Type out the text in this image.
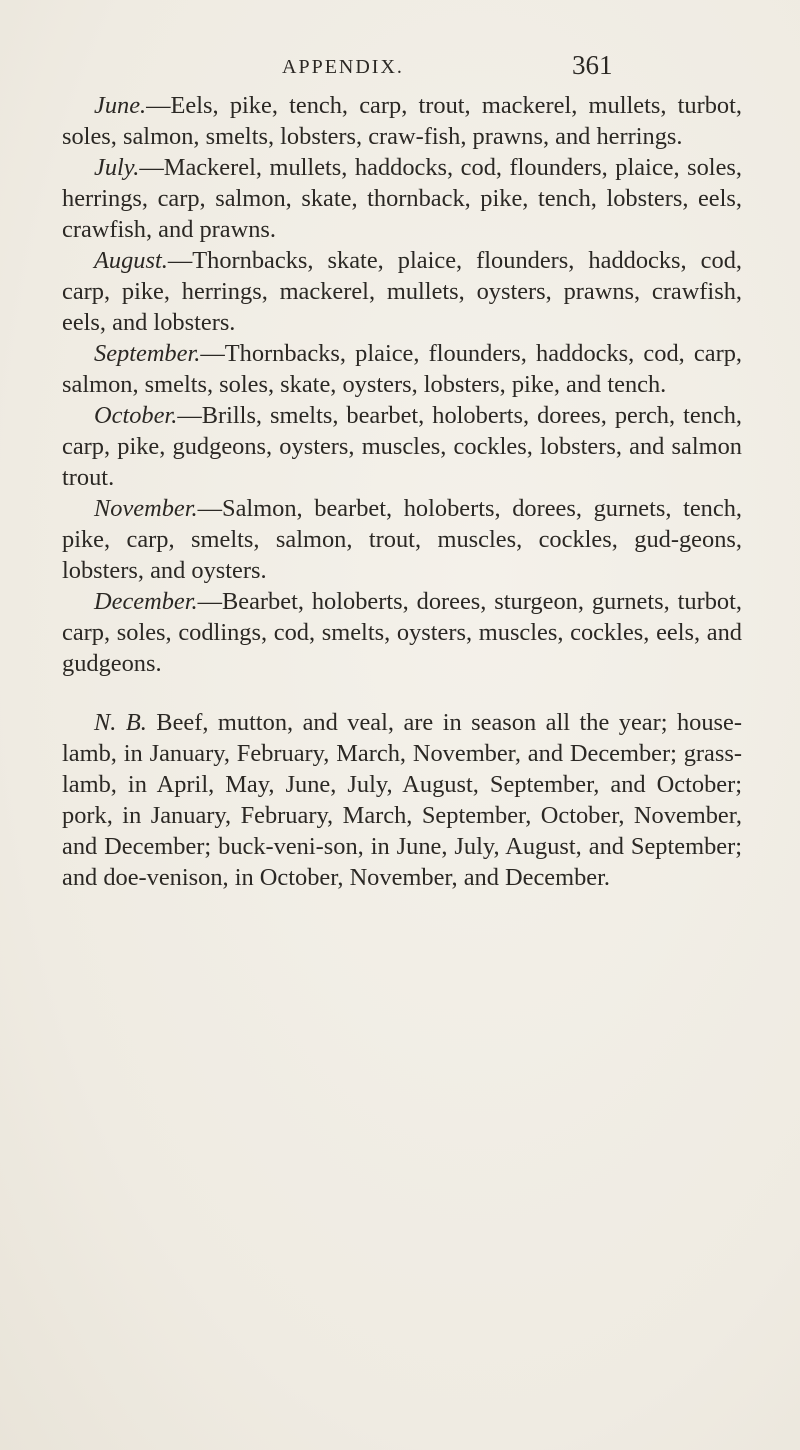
APPENDIX.	361

June.—Eels, pike, tench, carp, trout, mackerel, mullets, turbot, soles, salmon, smelts, lobsters, craw-fish, prawns, and herrings.

July.—Mackerel, mullets, haddocks, cod, flounders, plaice, soles, herrings, carp, salmon, skate, thornback, pike, tench, lobsters, eels, crawfish, and prawns.

August.—Thornbacks, skate, plaice, flounders, haddocks, cod, carp, pike, herrings, mackerel, mullets, oysters, prawns, crawfish, eels, and lobsters.

September.—Thornbacks, plaice, flounders, haddocks, cod, carp, salmon, smelts, soles, skate, oysters, lobsters, pike, and tench.

October.—Brills, smelts, bearbet, holoberts, dorees, perch, tench, carp, pike, gudgeons, oysters, muscles, cockles, lobsters, and salmon trout.

November.—Salmon, bearbet, holoberts, dorees, gurnets, tench, pike, carp, smelts, salmon, trout, muscles, cockles, gud-geons, lobsters, and oysters.

December.—Bearbet, holoberts, dorees, sturgeon, gurnets, turbot, carp, soles, codlings, cod, smelts, oysters, muscles, cockles, eels, and gudgeons.

N. B. Beef, mutton, and veal, are in season all the year; house-lamb, in January, February, March, November, and December; grass-lamb, in April, May, June, July, August, September, and October; pork, in January, February, March, September, October, November, and December; buck-veni-son, in June, July, August, and September; and doe-venison, in October, November, and December.
